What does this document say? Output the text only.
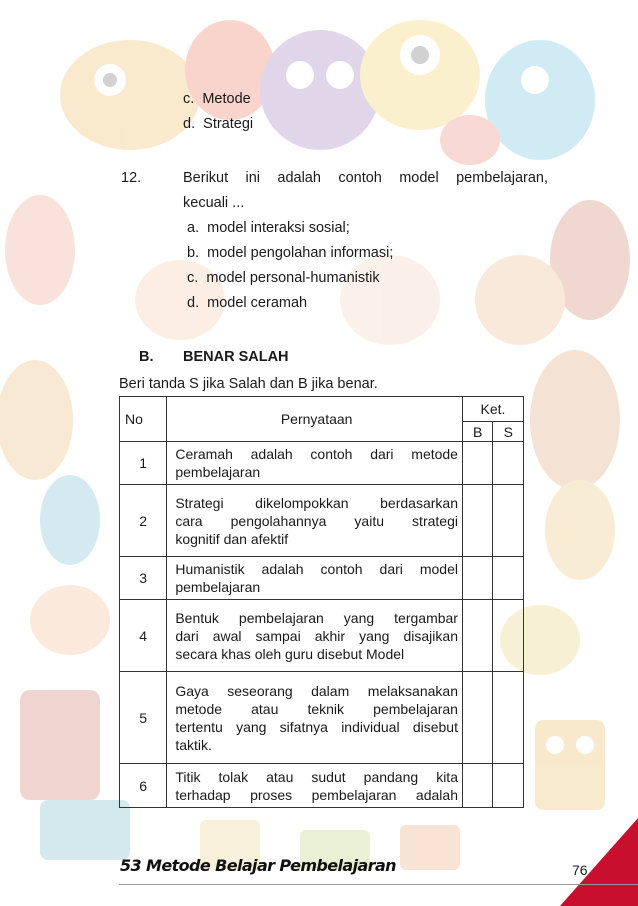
c. Metode
d. Strategi
12.	Berikut ini adalah contoh model pembelajaran,
kecuali ...
a. model interaksi sosial;
b. model pengolahan informasi;
c. model personal-humanistik
d. model ceramah
B. BENAR SALAH
Beri tanda S jika Salah dan B jika benar.
No	Pernyataan	Ket.	
		B	S
1	Ceramah adalah contoh dari metode
pembelajaran		

2	Strategi dikelompokkan berdasarkan
cara pengolahannya yaitu strategi
kognitif dan afektif		

3	Humanistik adalah contoh dari model
pembelajaran		

4	Bentuk pembelajaran yang tergambar
dari awal sampai akhir yang disajikan
secara khas oleh guru disebut Model		

5	Gaya seseorang dalam melaksanakan
metode atau teknik pembelajaran
tertentu yang sifatnya individual disebut
taktik.		

6	Titik tolak atau sudut pandang kita
terhadap proses pembelajaran adalah		

53 Metode Belajar Pembelajaran	76
